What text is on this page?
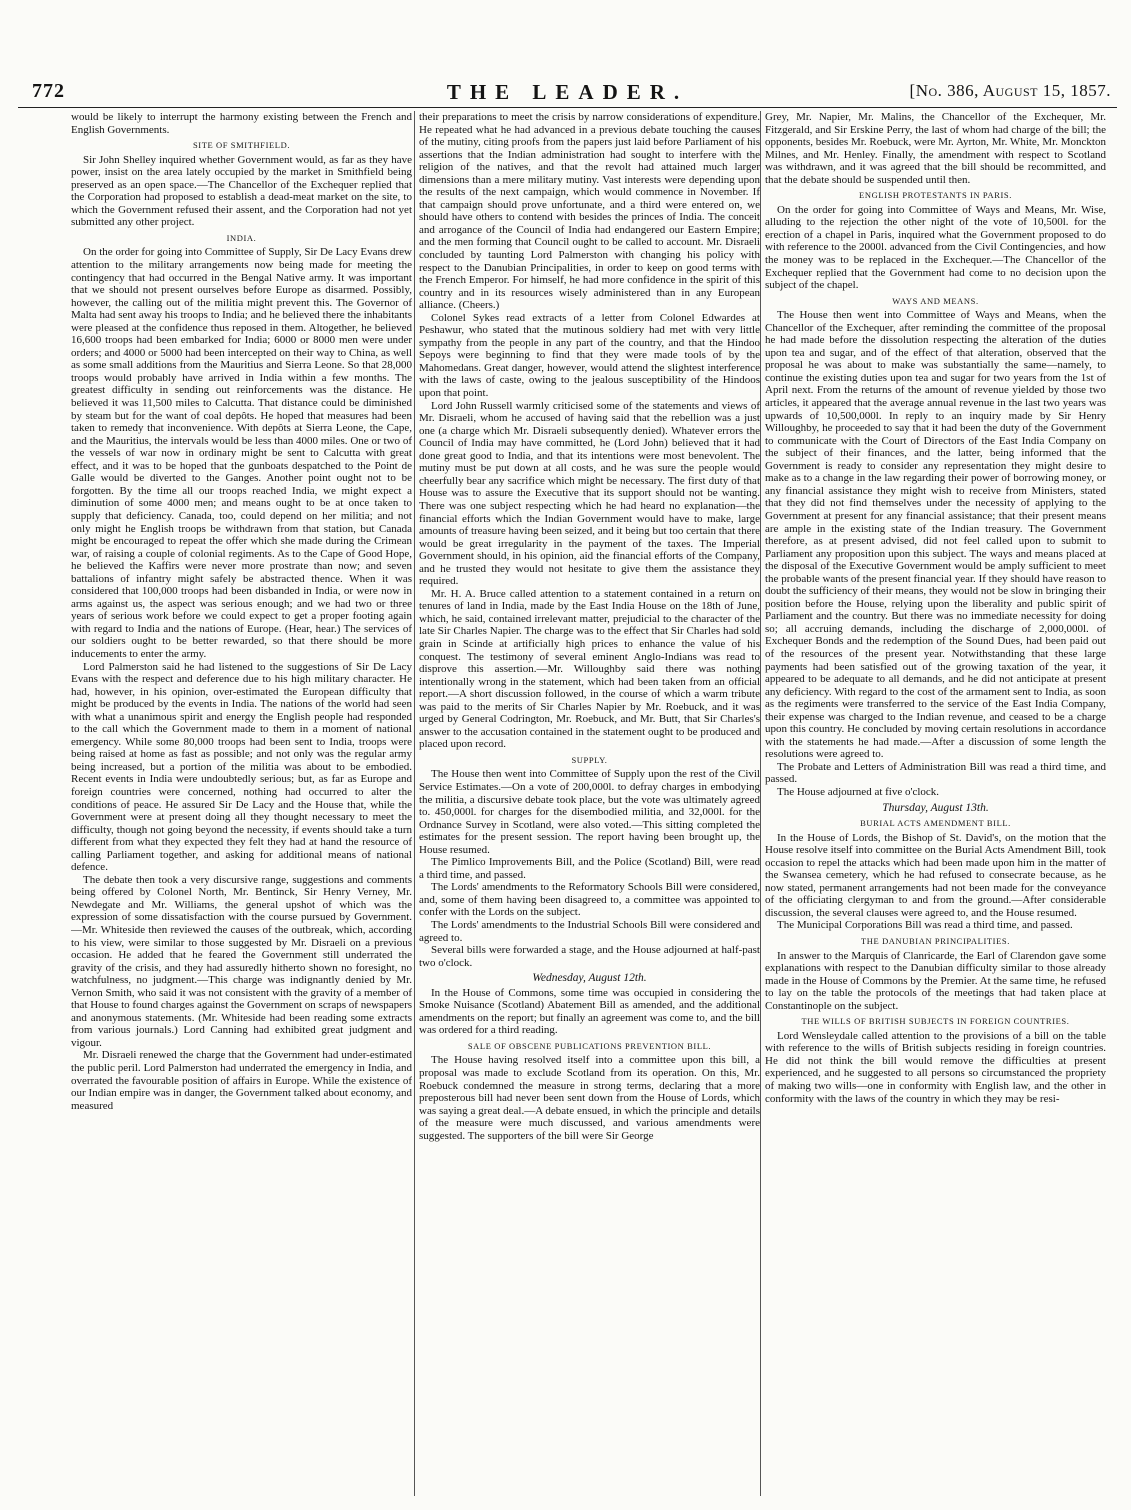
772	THE LEADER.	[No. 386, August 15, 1857.

would be likely to interrupt the harmony existing between the French and English Governments.

SITE OF SMITHFIELD.

Sir John Shelley inquired whether Government would, as far as they have power, insist on the area lately occupied by the market in Smithfield being preserved as an open space.—The Chancellor of the Exchequer replied that the Corporation had proposed to establish a dead-meat market on the site, to which the Government refused their assent, and the Corporation had not yet submitted any other project.

INDIA.

On the order for going into Committee of Supply, Sir De Lacy Evans drew attention to the military arrangements now being made for meeting the contingency that had occurred in the Bengal Native army. It was important that we should not present ourselves before Europe as disarmed. Possibly, however, the calling out of the militia might prevent this. The Governor of Malta had sent away his troops to India; and he believed there the inhabitants were pleased at the confidence thus reposed in them. Altogether, he believed 16,600 troops had been embarked for India; 6000 or 8000 men were under orders; and 4000 or 5000 had been intercepted on their way to China, as well as some small additions from the Mauritius and Sierra Leone. So that 28,000 troops would probably have arrived in India within a few months. The greatest difficulty in sending out reinforcements was the distance. He believed it was 11,500 miles to Calcutta. That distance could be diminished by steam but for the want of coal depôts. He hoped that measures had been taken to remedy that inconvenience. With depôts at Sierra Leone, the Cape, and the Mauritius, the intervals would be less than 4000 miles. One or two of the vessels of war now in ordinary might be sent to Calcutta with great effect, and it was to be hoped that the gunboats despatched to the Point de Galle would be diverted to the Ganges. Another point ought not to be forgotten. By the time all our troops reached India, we might expect a diminution of some 4000 men; and means ought to be at once taken to supply that deficiency. Canada, too, could depend on her militia; and not only might he English troops be withdrawn from that station, but Canada might be encouraged to repeat the offer which she made during the Crimean war, of raising a couple of colonial regiments. As to the Cape of Good Hope, he believed the Kaffirs were never more prostrate than now; and seven battalions of infantry might safely be abstracted thence. When it was considered that 100,000 troops had been disbanded in India, or were now in arms against us, the aspect was serious enough; and we had two or three years of serious work before we could expect to get a proper footing again with regard to India and the nations of Europe. (Hear, hear.) The services of our soldiers ought to be better rewarded, so that there should be more inducements to enter the army.

Lord Palmerston said he had listened to the suggestions of Sir De Lacy Evans with the respect and deference due to his high military character. He had, however, in his opinion, over-estimated the European difficulty that might be produced by the events in India. The nations of the world had seen with what a unanimous spirit and energy the English people had responded to the call which the Government made to them in a moment of national emergency. While some 80,000 troops had been sent to India, troops were being raised at home as fast as possible; and not only was the regular army being increased, but a portion of the militia was about to be embodied. Recent events in India were undoubtedly serious; but, as far as Europe and foreign countries were concerned, nothing had occurred to alter the conditions of peace. He assured Sir De Lacy and the House that, while the Government were at present doing all they thought necessary to meet the difficulty, though not going beyond the necessity, if events should take a turn different from what they expected they felt they had at hand the resource of calling Parliament together, and asking for additional means of national defence.

The debate then took a very discursive range, suggestions and comments being offered by Colonel North, Mr. Bentinck, Sir Henry Verney, Mr. Newdegate and Mr. Williams, the general upshot of which was the expression of some dissatisfaction with the course pursued by Government.—Mr. Whiteside then reviewed the causes of the outbreak, which, according to his view, were similar to those suggested by Mr. Disraeli on a previous occasion. He added that he feared the Government still underrated the gravity of the crisis, and they had assuredly hitherto shown no foresight, no watchfulness, no judgment.—This charge was indignantly denied by Mr. Vernon Smith, who said it was not consistent with the gravity of a member of that House to found charges against the Government on scraps of newspapers and anonymous statements. (Mr. Whiteside had been reading some extracts from various journals.) Lord Canning had exhibited great judgment and vigour.

Mr. Disraeli renewed the charge that the Government had under-estimated the public peril. Lord Palmerston had underrated the emergency in India, and overrated the favourable position of affairs in Europe. While the existence of our Indian empire was in danger, the Government talked about economy, and measured

their preparations to meet the crisis by narrow considerations of expenditure. He repeated what he had advanced in a previous debate touching the causes of the mutiny, citing proofs from the papers just laid before Parliament of his assertions that the Indian administration had sought to interfere with the religion of the natives, and that the revolt had attained much larger dimensions than a mere military mutiny. Vast interests were depending upon the results of the next campaign, which would commence in November. If that campaign should prove unfortunate, and a third were entered on, we should have others to contend with besides the princes of India. The conceit and arrogance of the Council of India had endangered our Eastern Empire; and the men forming that Council ought to be called to account. Mr. Disraeli concluded by taunting Lord Palmerston with changing his policy with respect to the Danubian Principalities, in order to keep on good terms with the French Emperor. For himself, he had more confidence in the spirit of this country and in its resources wisely administered than in any European alliance. (Cheers.)

Colonel Sykes read extracts of a letter from Colonel Edwardes at Peshawur, who stated that the mutinous soldiery had met with very little sympathy from the people in any part of the country, and that the Hindoo Sepoys were beginning to find that they were made tools of by the Mahomedans. Great danger, however, would attend the slightest interference with the laws of caste, owing to the jealous susceptibility of the Hindoos upon that point.

Lord John Russell warmly criticised some of the statements and views of Mr. Disraeli, whom he accused of having said that the rebellion was a just one (a charge which Mr. Disraeli subsequently denied). Whatever errors the Council of India may have committed, he (Lord John) believed that it had done great good to India, and that its intentions were most benevolent. The mutiny must be put down at all costs, and he was sure the people would cheerfully bear any sacrifice which might be necessary. The first duty of that House was to assure the Executive that its support should not be wanting. There was one subject respecting which he had heard no explanation—the financial efforts which the Indian Government would have to make, large amounts of treasure having been seized, and it being but too certain that there would be great irregularity in the payment of the taxes. The Imperial Government should, in his opinion, aid the financial efforts of the Company, and he trusted they would not hesitate to give them the assistance they required.

Mr. H. A. Bruce called attention to a statement contained in a return on tenures of land in India, made by the East India House on the 18th of June, which, he said, contained irrelevant matter, prejudicial to the character of the late Sir Charles Napier. The charge was to the effect that Sir Charles had sold grain in Scinde at artificially high prices to enhance the value of his conquest. The testimony of several eminent Anglo-Indians was read to disprove this assertion.—Mr. Willoughby said there was nothing intentionally wrong in the statement, which had been taken from an official report.—A short discussion followed, in the course of which a warm tribute was paid to the merits of Sir Charles Napier by Mr. Roebuck, and it was urged by General Codrington, Mr. Roebuck, and Mr. Butt, that Sir Charles's answer to the accusation contained in the statement ought to be produced and placed upon record.

SUPPLY.

The House then went into Committee of Supply upon the rest of the Civil Service Estimates.—On a vote of 200,000l. to defray charges in embodying the militia, a discursive debate took place, but the vote was ultimately agreed to. 450,000l. for charges for the disembodied militia, and 32,000l. for the Ordnance Survey in Scotland, were also voted.—This sitting completed the estimates for the present session. The report having been brought up, the House resumed.

The Pimlico Improvements Bill, and the Police (Scotland) Bill, were read a third time, and passed.

The Lords' amendments to the Reformatory Schools Bill were considered, and, some of them having been disagreed to, a committee was appointed to confer with the Lords on the subject.

The Lords' amendments to the Industrial Schools Bill were considered and agreed to.

Several bills were forwarded a stage, and the House adjourned at half-past two o'clock.

Wednesday, August 12th.

In the House of Commons, some time was occupied in considering the Smoke Nuisance (Scotland) Abatement Bill as amended, and the additional amendments on the report; but finally an agreement was come to, and the bill was ordered for a third reading.

SALE OF OBSCENE PUBLICATIONS PREVENTION BILL.

The House having resolved itself into a committee upon this bill, a proposal was made to exclude Scotland from its operation. On this, Mr. Roebuck condemned the measure in strong terms, declaring that a more preposterous bill had never been sent down from the House of Lords, which was saying a great deal.—A debate ensued, in which the principle and details of the measure were much discussed, and various amendments were suggested. The supporters of the bill were Sir George

Grey, Mr. Napier, Mr. Malins, the Chancellor of the Exchequer, Mr. Fitzgerald, and Sir Erskine Perry, the last of whom had charge of the bill; the opponents, besides Mr. Roebuck, were Mr. Ayrton, Mr. White, Mr. Monckton Milnes, and Mr. Henley. Finally, the amendment with respect to Scotland was withdrawn, and it was agreed that the bill should be recommitted, and that the debate should be suspended until then.

ENGLISH PROTESTANTS IN PARIS.

On the order for going into Committee of Ways and Means, Mr. Wise, alluding to the rejection the other night of the vote of 10,500l. for the erection of a chapel in Paris, inquired what the Government proposed to do with reference to the 2000l. advanced from the Civil Contingencies, and how the money was to be replaced in the Exchequer.—The Chancellor of the Exchequer replied that the Government had come to no decision upon the subject of the chapel.

WAYS AND MEANS.

The House then went into Committee of Ways and Means, when the Chancellor of the Exchequer, after reminding the committee of the proposal he had made before the dissolution respecting the alteration of the duties upon tea and sugar, and of the effect of that alteration, observed that the proposal he was about to make was substantially the same—namely, to continue the existing duties upon tea and sugar for two years from the 1st of April next. From the returns of the amount of revenue yielded by those two articles, it appeared that the average annual revenue in the last two years was upwards of 10,500,000l. In reply to an inquiry made by Sir Henry Willoughby, he proceeded to say that it had been the duty of the Government to communicate with the Court of Directors of the East India Company on the subject of their finances, and the latter, being informed that the Government is ready to consider any representation they might desire to make as to a change in the law regarding their power of borrowing money, or any financial assistance they might wish to receive from Ministers, stated that they did not find themselves under the necessity of applying to the Government at present for any financial assistance; that their present means are ample in the existing state of the Indian treasury. The Government therefore, as at present advised, did not feel called upon to submit to Parliament any proposition upon this subject. The ways and means placed at the disposal of the Executive Government would be amply sufficient to meet the probable wants of the present financial year. If they should have reason to doubt the sufficiency of their means, they would not be slow in bringing their position before the House, relying upon the liberality and public spirit of Parliament and the country. But there was no immediate necessity for doing so; all accruing demands, including the discharge of 2,000,000l. of Exchequer Bonds and the redemption of the Sound Dues, had been paid out of the resources of the present year. Notwithstanding that these large payments had been satisfied out of the growing taxation of the year, it appeared to be adequate to all demands, and he did not anticipate at present any deficiency. With regard to the cost of the armament sent to India, as soon as the regiments were transferred to the service of the East India Company, their expense was charged to the Indian revenue, and ceased to be a charge upon this country. He concluded by moving certain resolutions in accordance with the statements he had made.—After a discussion of some length the resolutions were agreed to.

The Probate and Letters of Administration Bill was read a third time, and passed.

The House adjourned at five o'clock.

Thursday, August 13th.
BURIAL ACTS AMENDMENT BILL.

In the House of Lords, the Bishop of St. David's, on the motion that the House resolve itself into committee on the Burial Acts Amendment Bill, took occasion to repel the attacks which had been made upon him in the matter of the Swansea cemetery, which he had refused to consecrate because, as he now stated, permanent arrangements had not been made for the conveyance of the officiating clergyman to and from the ground.—After considerable discussion, the several clauses were agreed to, and the House resumed.

The Municipal Corporations Bill was read a third time, and passed.

THE DANUBIAN PRINCIPALITIES.

In answer to the Marquis of Clanricarde, the Earl of Clarendon gave some explanations with respect to the Danubian difficulty similar to those already made in the House of Commons by the Premier. At the same time, he refused to lay on the table the protocols of the meetings that had taken place at Constantinople on the subject.

THE WILLS OF BRITISH SUBJECTS IN FOREIGN COUNTRIES.

Lord Wensleydale called attention to the provisions of a bill on the table with reference to the wills of British subjects residing in foreign countries. He did not think the bill would remove the difficulties at present experienced, and he suggested to all persons so circumstanced the propriety of making two wills—one in conformity with English law, and the other in conformity with the laws of the country in which they may be resi-
